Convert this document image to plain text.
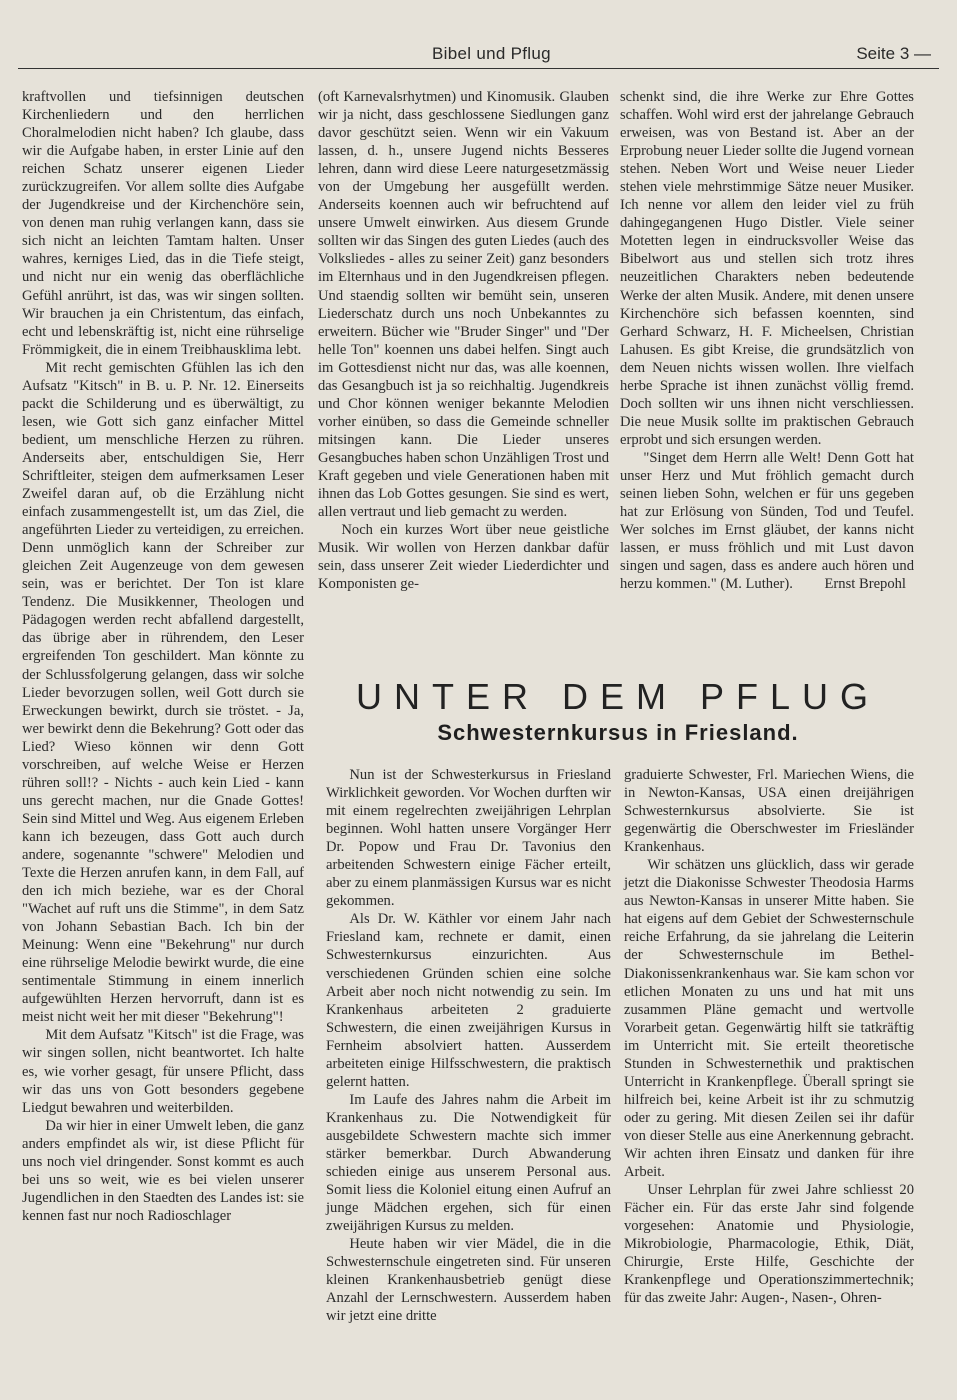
Bibel und Pflug	Seite 3 —

kraftvollen und tiefsinnigen deutschen Kirchenliedern und den herrlichen Choralmelodien nicht haben? Ich glaube, dass wir die Aufgabe haben, in erster Linie auf den reichen Schatz unserer eigenen Lieder zurückzugreifen. Vor allem sollte dies Aufgabe der Jugendkreise und der Kirchenchöre sein, von denen man ruhig verlangen kann, dass sie sich nicht an leichten Tamtam halten. Unser wahres, kerniges Lied, das in die Tiefe steigt, und nicht nur ein wenig das oberflächliche Gefühl anrührt, ist das, was wir singen sollten. Wir brauchen ja ein Christentum, das einfach, echt und lebenskräftig ist, nicht eine rührselige Frömmigkeit, die in einem Treibhausklima lebt.

Mit recht gemischten Gfühlen las ich den Aufsatz "Kitsch" in B. u. P. Nr. 12. Einerseits packt die Schilderung und es überwältigt, zu lesen, wie Gott sich ganz einfacher Mittel bedient, um menschliche Herzen zu rühren. Anderseits aber, entschuldigen Sie, Herr Schriftleiter, steigen dem aufmerksamen Leser Zweifel daran auf, ob die Erzählung nicht einfach zusammengestellt ist, um das Ziel, die angeführten Lieder zu verteidigen, zu erreichen. Denn unmöglich kann der Schreiber zur gleichen Zeit Augenzeuge von dem gewesen sein, was er berichtet. Der Ton ist klare Tendenz. Die Musikkenner, Theologen und Pädagogen werden recht abfallend dargestellt, das übrige aber in rührendem, den Leser ergreifenden Ton geschildert. Man könnte zu der Schlussfolgerung gelangen, dass wir solche Lieder bevorzugen sollen, weil Gott durch sie Erweckungen bewirkt, durch sie tröstet. - Ja, wer bewirkt denn die Bekehrung? Gott oder das Lied? Wieso können wir denn Gott vorschreiben, auf welche Weise er Herzen rühren soll!? - Nichts - auch kein Lied - kann uns gerecht machen, nur die Gnade Gottes! Sein sind Mittel und Weg. Aus eigenem Erleben kann ich bezeugen, dass Gott auch durch andere, sogenannte "schwere" Melodien und Texte die Herzen anrufen kann, in dem Fall, auf den ich mich beziehe, war es der Choral "Wachet auf ruft uns die Stimme", in dem Satz von Johann Sebastian Bach. Ich bin der Meinung: Wenn eine "Bekehrung" nur durch eine rührselige Melodie bewirkt wurde, die eine sentimentale Stimmung in einem innerlich aufgewühlten Herzen hervorruft, dann ist es meist nicht weit her mit dieser "Bekehrung"!

Mit dem Aufsatz "Kitsch" ist die Frage, was wir singen sollen, nicht beantwortet. Ich halte es, wie vorher gesagt, für unsere Pflicht, dass wir das uns von Gott besonders gegebene Liedgut bewahren und weiterbilden.

Da wir hier in einer Umwelt leben, die ganz anders empfindet als wir, ist diese Pflicht für uns noch viel dringender. Sonst kommt es auch bei uns so weit, wie es bei vielen unserer Jugendlichen in den Staedten des Landes ist: sie kennen fast nur noch Radioschlager

(oft Karnevalsrhytmen) und Kinomusik. Glauben wir ja nicht, dass geschlossene Siedlungen ganz davor geschützt seien. Wenn wir ein Vakuum lassen, d. h., unsere Jugend nichts Besseres lehren, dann wird diese Leere naturgesetzmässig von der Umgebung her ausgefüllt werden. Anderseits koennen auch wir befruchtend auf unsere Umwelt einwirken. Aus diesem Grunde sollten wir das Singen des guten Liedes (auch des Volksliedes - alles zu seiner Zeit) ganz besonders im Elternhaus und in den Jugendkreisen pflegen. Und staendig sollten wir bemüht sein, unseren Liederschatz durch uns noch Unbekanntes zu erweitern. Bücher wie "Bruder Singer" und "Der helle Ton" koennen uns dabei helfen. Singt auch im Gottesdienst nicht nur das, was alle koennen, das Gesangbuch ist ja so reichhaltig. Jugendkreis und Chor können weniger bekannte Melodien vorher einüben, so dass die Gemeinde schneller mitsingen kann. Die Lieder unseres Gesangbuches haben schon Unzähligen Trost und Kraft gegeben und viele Generationen haben mit ihnen das Lob Gottes gesungen. Sie sind es wert, allen vertraut und lieb gemacht zu werden.

Noch ein kurzes Wort über neue geistliche Musik. Wir wollen von Herzen dankbar dafür sein, dass unserer Zeit wieder Liederdichter und Komponisten ge-

schenkt sind, die ihre Werke zur Ehre Gottes schaffen. Wohl wird erst der jahrelange Gebrauch erweisen, was von Bestand ist. Aber an der Erprobung neuer Lieder sollte die Jugend vornean stehen. Neben Wort und Weise neuer Lieder stehen viele mehrstimmige Sätze neuer Musiker. Ich nenne vor allem den leider viel zu früh dahingegangenen Hugo Distler. Viele seiner Motetten legen in eindrucksvoller Weise das Bibelwort aus und stellen sich trotz ihres neuzeitlichen Charakters neben bedeutende Werke der alten Musik. Andere, mit denen unsere Kirchenchöre sich befassen koennten, sind Gerhard Schwarz, H. F. Micheelsen, Christian Lahusen. Es gibt Kreise, die grundsätzlich von dem Neuen nichts wissen wollen. Ihre vielfach herbe Sprache ist ihnen zunächst völlig fremd. Doch sollten wir uns ihnen nicht verschliessen. Die neue Musik sollte im praktischen Gebrauch erprobt und sich ersungen werden.

"Singet dem Herrn alle Welt! Denn Gott hat unser Herz und Mut fröhlich gemacht durch seinen lieben Sohn, welchen er für uns gegeben hat zur Erlösung von Sünden, Tod und Teufel. Wer solches im Ernst gläubet, der kanns nicht lassen, er muss fröhlich und mit Lust davon singen und sagen, dass es andere auch hören und herzu kommen." (M. Luther).	Ernst Brepohl

UNTER DEM PFLUG
Schwesternkursus in Friesland.

Nun ist der Schwesterkursus in Friesland Wirklichkeit geworden. Vor Wochen durften wir mit einem regelrechten zweijährigen Lehrplan beginnen. Wohl hatten unsere Vorgänger Herr Dr. Popow und Frau Dr. Tavonius den arbeitenden Schwestern einige Fächer erteilt, aber zu einem planmässigen Kursus war es nicht gekommen.

Als Dr. W. Käthler vor einem Jahr nach Friesland kam, rechnete er damit, einen Schwesternkursus einzurichten. Aus verschiedenen Gründen schien eine solche Arbeit aber noch nicht notwendig zu sein. Im Krankenhaus arbeiteten 2 graduierte Schwestern, die einen zweijährigen Kursus in Fernheim absolviert hatten. Ausserdem arbeiteten einige Hilfsschwestern, die praktisch gelernt hatten.

Im Laufe des Jahres nahm die Arbeit im Krankenhaus zu. Die Notwendigkeit für ausgebildete Schwestern machte sich immer stärker bemerkbar. Durch Abwanderung schieden einige aus unserem Personal aus. Somit liess die Koloniel eitung einen Aufruf an junge Mädchen ergehen, sich für einen zweijährigen Kursus zu melden.

Heute haben wir vier Mädel, die in die Schwesternschule eingetreten sind. Für unseren kleinen Krankenhausbetrieb genügt diese Anzahl der Lernschwestern. Ausserdem haben wir jetzt eine dritte

graduierte Schwester, Frl. Mariechen Wiens, die in Newton-Kansas, USA einen dreijährigen Schwesternkursus absolvierte. Sie ist gegenwärtig die Oberschwester im Friesländer Krankenhaus.

Wir schätzen uns glücklich, dass wir gerade jetzt die Diakonisse Schwester Theodosia Harms aus Newton-Kansas in unserer Mitte haben. Sie hat eigens auf dem Gebiet der Schwesternschule reiche Erfahrung, da sie jahrelang die Leiterin der Schwesternschule im Bethel-Diakonissenkrankenhaus war. Sie kam schon vor etlichen Monaten zu uns und hat mit uns zusammen Pläne gemacht und wertvolle Vorarbeit getan. Gegenwärtig hilft sie tatkräftig im Unterricht mit. Sie erteilt theoretische Stunden in Schwesternethik und praktischen Unterricht in Krankenpflege. Überall springt sie hilfreich bei, keine Arbeit ist ihr zu schmutzig oder zu gering. Mit diesen Zeilen sei ihr dafür von dieser Stelle aus eine Anerkennung gebracht. Wir achten ihren Einsatz und danken für ihre Arbeit.

Unser Lehrplan für zwei Jahre schliesst 20 Fächer ein. Für das erste Jahr sind folgende vorgesehen: Anatomie und Physiologie, Mikrobiologie, Pharmacologie, Ethik, Diät, Chirurgie, Erste Hilfe, Geschichte der Krankenpflege und Operationszimmertechnik; für das zweite Jahr: Augen-, Nasen-, Ohren-
